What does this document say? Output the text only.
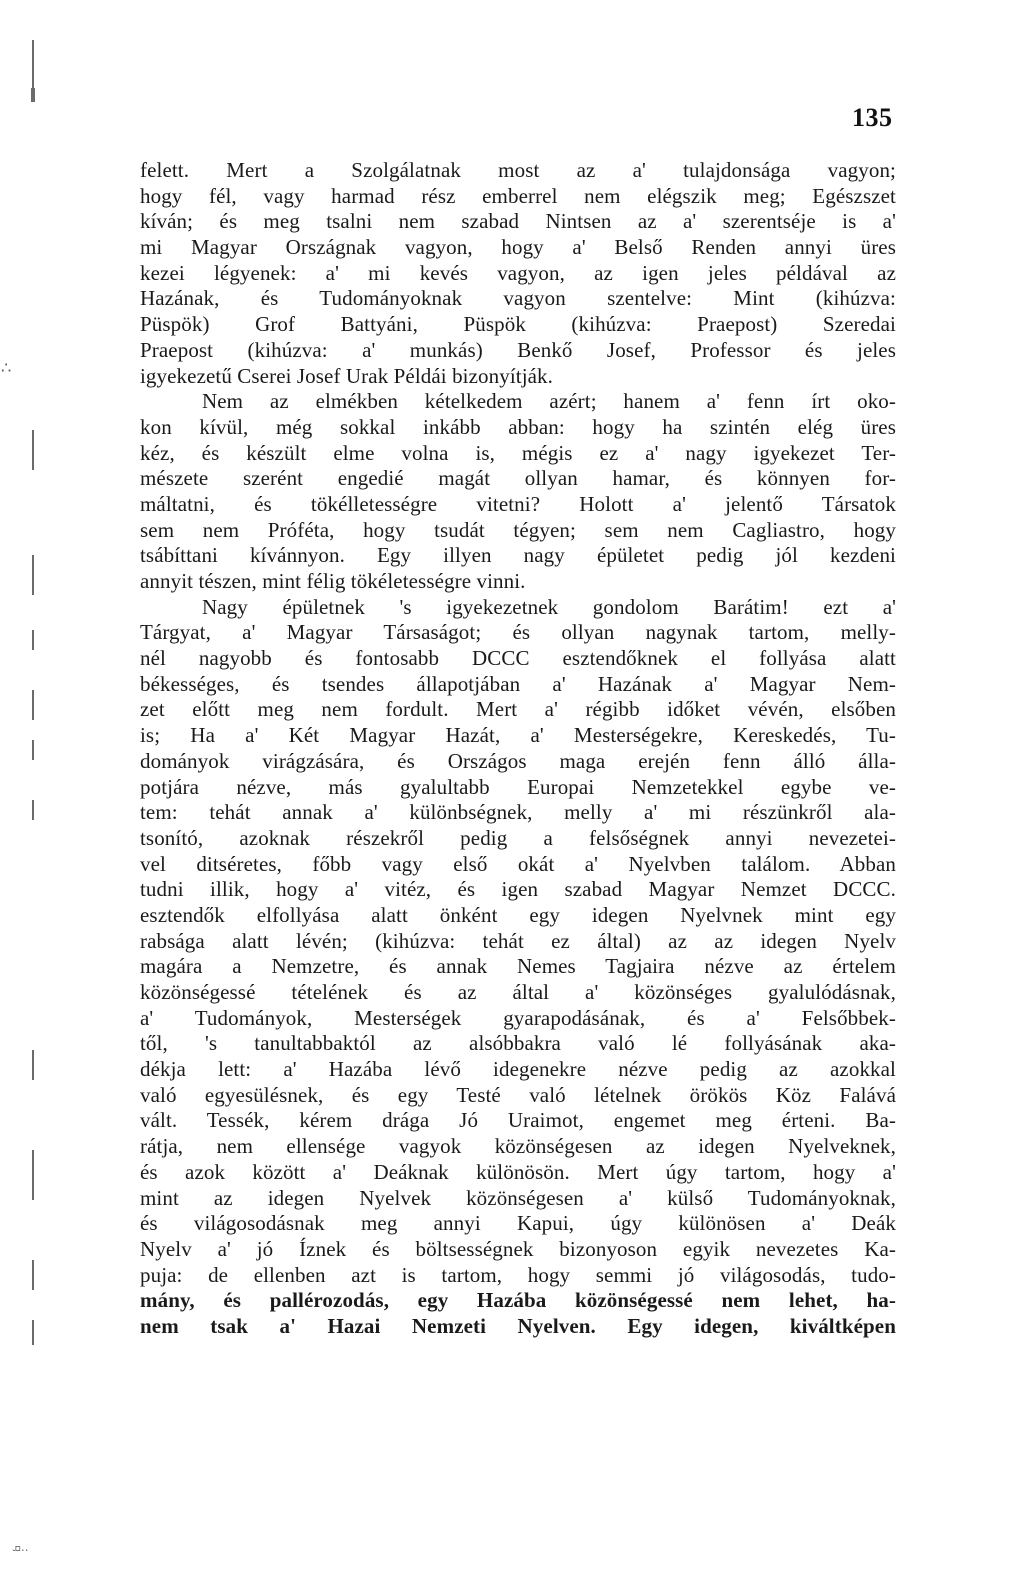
∴
135
felett. Mert a Szolgálatnak most az a' tulajdonsága vagyon;
hogy fél, vagy harmad rész emberrel nem elégszik meg; Egészszet
kíván; és meg tsalni nem szabad Nintsen az a' szerentséje is a'
mi Magyar Országnak vagyon, hogy a' Belső Renden annyi üres
kezei légyenek: a' mi kevés vagyon, az igen jeles példával az
Hazának, és Tudományoknak vagyon szentelve: Mint (kihúzva:
Püspök) Grof Battyáni, Püspök (kihúzva: Praepost) Szeredai
Praepost (kihúzva: a' munkás) Benkő Josef, Professor és jeles
igyekezetű Cserei Josef Urak Példái bizonyítják.
Nem az elmékben kételkedem azért; hanem a' fenn írt oko-
kon kívül, még sokkal inkább abban: hogy ha szintén elég üres
kéz, és készült elme volna is, mégis ez a' nagy igyekezet Ter-
mészete szerént engedié magát ollyan hamar, és könnyen for-
máltatni, és tökélletességre vitetni? Holott a' jelentő Társatok
sem nem Próféta, hogy tsudát tégyen; sem nem Cagliastro, hogy
tsábíttani kívánnyon. Egy illyen nagy épületet pedig jól kezdeni
annyit tészen, mint félig tökéletességre vinni.
Nagy épületnek 's igyekezetnek gondolom Barátim! ezt a'
Tárgyat, a' Magyar Társaságot; és ollyan nagynak tartom, melly-
nél nagyobb és fontosabb DCCC esztendőknek el follyása alatt
békességes, és tsendes állapotjában a' Hazának a' Magyar Nem-
zet előtt meg nem fordult. Mert a' régibb időket vévén, elsőben
is; Ha a' Két Magyar Hazát, a' Mesterségekre, Kereskedés, Tu-
dományok virágzására, és Országos maga erején fenn álló álla-
potjára nézve, más gyalultabb Europai Nemzetekkel egybe ve-
tem: tehát annak a' különbségnek, melly a' mi részünkről ala-
tsonító, azoknak részekről pedig a felsőségnek annyi nevezetei-
vel ditséretes, főbb vagy első okát a' Nyelvben találom. Abban
tudni illik, hogy a' vitéz, és igen szabad Magyar Nemzet DCCC.
esztendők elfollyása alatt önként egy idegen Nyelvnek mint egy
rabsága alatt lévén; (kihúzva: tehát ez által) az az idegen Nyelv
magára a Nemzetre, és annak Nemes Tagjaira nézve az értelem
közönségessé tételének és az által a' közönséges gyalulódásnak,
a' Tudományok, Mesterségek gyarapodásának, és a' Felsőbbek-
től, 's tanultabbaktól az alsóbbakra való lé follyásának aka-
dékja lett: a' Hazába lévő idegenekre nézve pedig az azokkal
való egyesülésnek, és egy Testé való lételnek örökös Köz Falává
vált. Tessék, kérem drága Jó Uraimot, engemet meg érteni. Ba-
rátja, nem ellensége vagyok közönségesen az idegen Nyelveknek,
és azok között a' Deáknak különösön. Mert úgy tartom, hogy a'
mint az idegen Nyelvek közönségesen a' külső Tudományoknak,
és világosodásnak meg annyi Kapui, úgy különösen a' Deák
Nyelv a' jó Íznek és böltsességnek bizonyoson egyik nevezetes Ka-
puja: de ellenben azt is tartom, hogy semmi jó világosodás, tudo-
mány, és pallérozodás, egy Hazába közönségessé nem lehet, ha-
nem tsak a' Hazai Nemzeti Nyelven. Egy idegen, kiváltképen
ܩ..
